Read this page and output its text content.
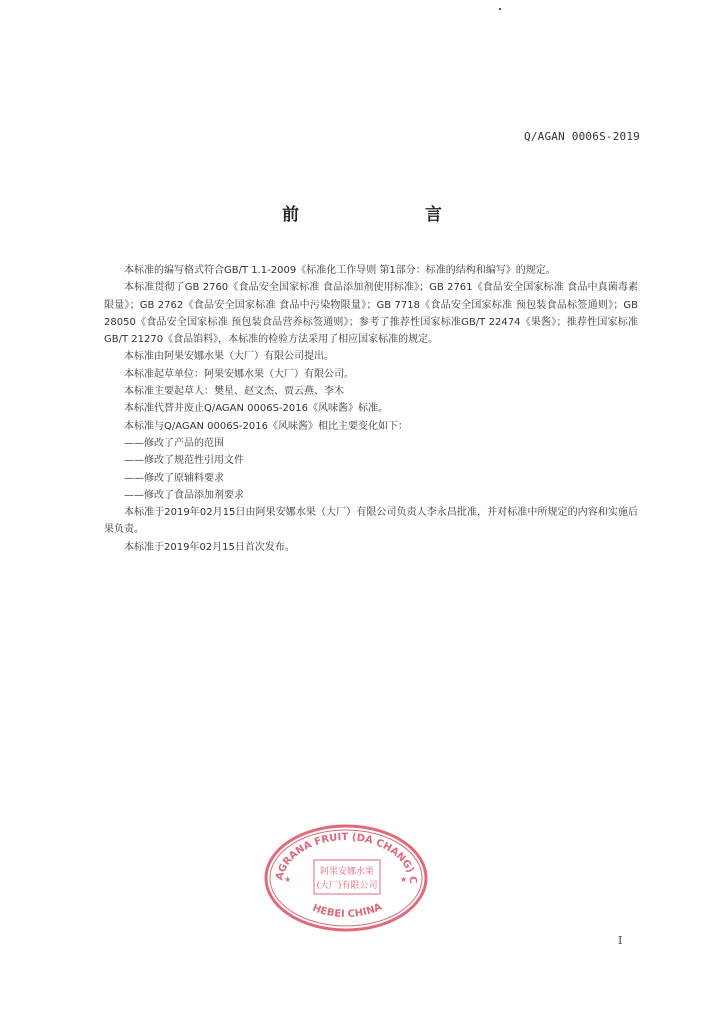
Q/AGAN 0006S-2019
前 言

本标准的编写格式符合GB/T 1.1-2009《标准化工作导则 第1部分：标准的结构和编写》的规定。

本标准贯彻了GB 2760《食品安全国家标准 食品添加剂使用标准》；GB 2761《食品安全国家标准 食品中真菌毒素限量》；GB 2762《食品安全国家标准 食品中污染物限量》；GB 7718《食品安全国家标准 预包装食品标签通则》；GB 28050《食品安全国家标准 预包装食品营养标签通则》；参考了推荐性国家标准GB/T 22474《果酱》；推荐性国家标准GB/T 21270《食品馅料》，本标准的检验方法采用了相应国家标准的规定。

本标准由阿果安娜水果（大厂）有限公司提出。

本标准起草单位：阿果安娜水果（大厂）有限公司。

本标准主要起草人：樊星、赵文杰、贾云燕、李木

本标准代替并废止Q/AGAN 0006S-2016《风味酱》标准。

本标准与Q/AGAN 0006S-2016《风味酱》相比主要变化如下：

——修改了产品的范围

——修改了规范性引用文件

——修改了原辅料要求

——修改了食品添加剂要求

本标准于2019年02月15日由阿果安娜水果（大厂）有限公司负责人李永昌批准，并对标准中所规定的内容和实施后果负责。

本标准于2019年02月15日首次发布。

AGRANA FRUIT (DA CHANG) C
HEBEI CHINA
阿果安娜水果
(大厂)有限公司
★	★
I
